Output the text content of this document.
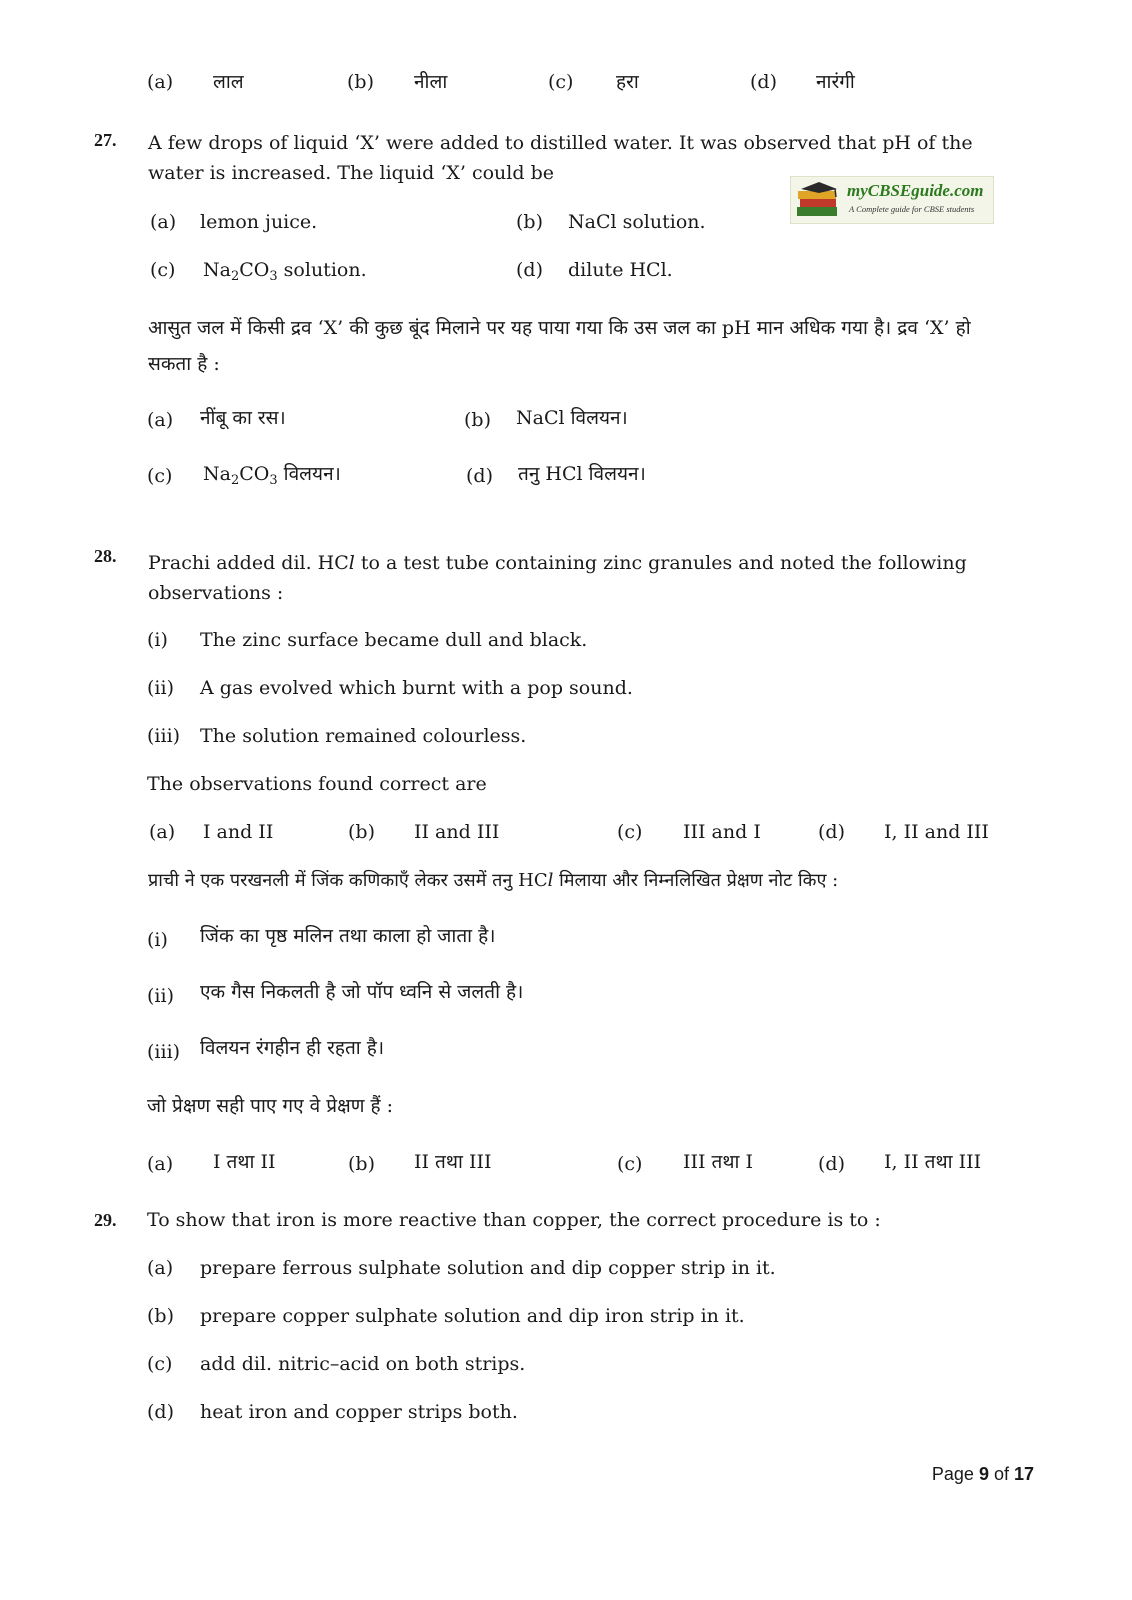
(a) लाल	(b) नीला	(c) हरा	(d) नारंगी
27. A few drops of liquid ‘X’ were added to distilled water. It was observed that pH of the water is increased. The liquid ‘X’ could be
myCBSEguide.com
A Complete guide for CBSE students
(a) lemon juice.	(b) NaCl solution.
(c) $Na_2CO_3$ solution.	(d) dilute HCl.
आसुत जल में किसी द्रव ‘X’ की कुछ बूंद मिलाने पर यह पाया गया कि उस जल का pH मान अधिक गया है। द्रव ‘X’ हो सकता है :
(a) नींबू का रस।	(b) NaCl विलयन।
(c) $Na_2CO_3$ विलयन।	(d) तनु HCl विलयन।
28. Prachi added dil. HCl to a test tube containing zinc granules and noted the following observations :
(i) The zinc surface became dull and black.
(ii) A gas evolved which burnt with a pop sound.
(iii) The solution remained colourless.
The observations found correct are
(a) I and II	(b) II and III	(c) III and I	(d) I, II and III
प्राची ने एक परखनली में जिंक कणिकाएँ लेकर उसमें तनु HCl मिलाया और निम्नलिखित प्रेक्षण नोट किए :
(i) जिंक का पृष्ठ मलिन तथा काला हो जाता है।
(ii) एक गैस निकलती है जो पॉप ध्वनि से जलती है।
(iii) विलयन रंगहीन ही रहता है।
जो प्रेक्षण सही पाए गए वे प्रेक्षण हैं :
(a) I तथा II	(b) II तथा III	(c) III तथा I	(d) I, II तथा III
29. To show that iron is more reactive than copper, the correct procedure is to :
(a) prepare ferrous sulphate solution and dip copper strip in it.
(b) prepare copper sulphate solution and dip iron strip in it.
(c) add dil. nitric–acid on both strips.
(d) heat iron and copper strips both.
Page 9 of 17
